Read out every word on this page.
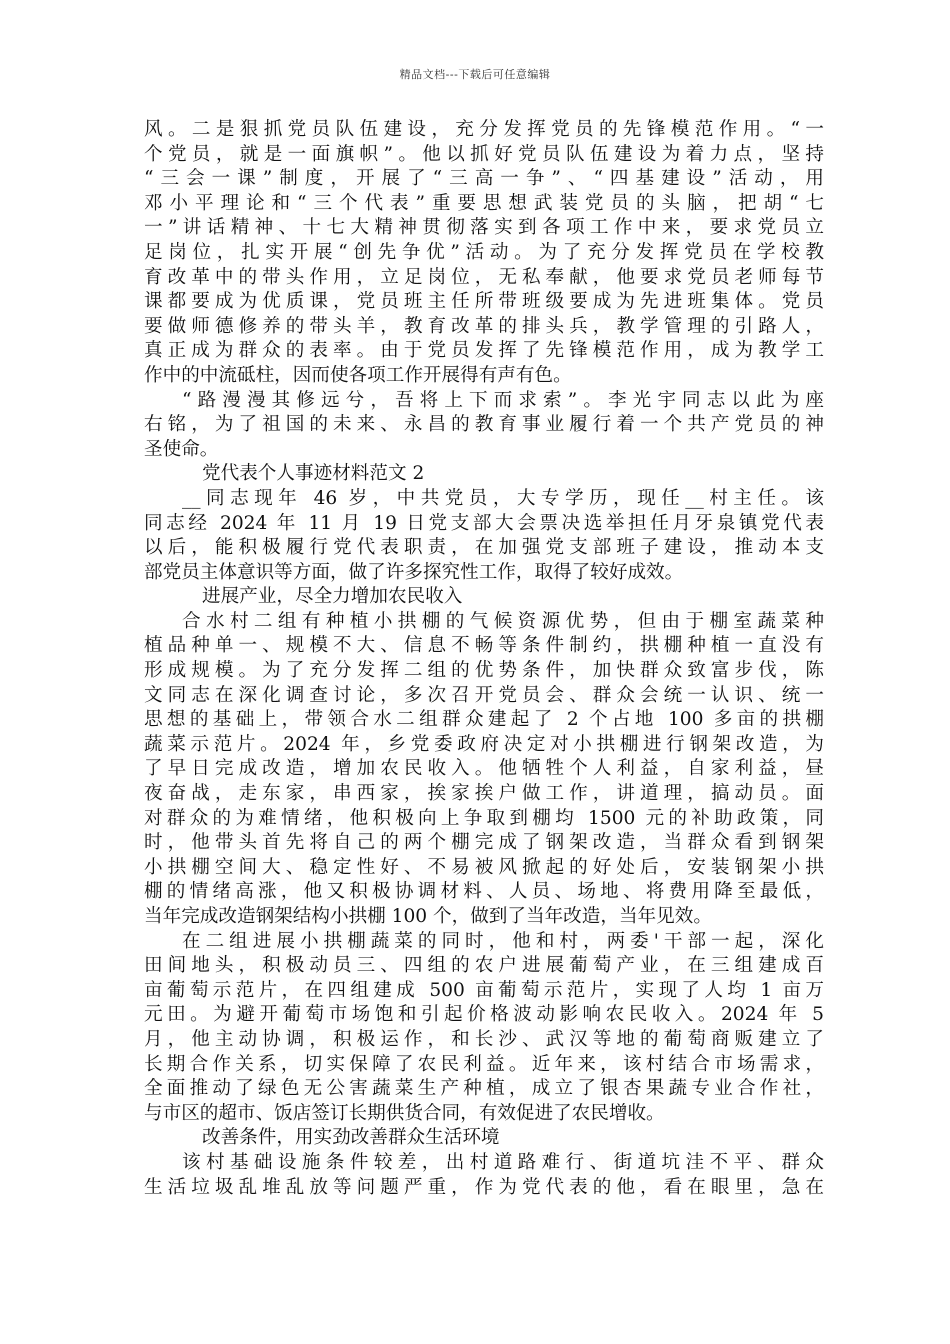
精品文档---下载后可任意编辑
风。二是狠抓党员队伍建设，充分发挥党员的先锋模范作用。“一
个党员，就是一面旗帜”。他以抓好党员队伍建设为着力点，坚持
“三会一课”制度，开展了“三高一争”、“四基建设”活动，用
邓小平理论和“三个代表”重要思想武装党员的头脑，把胡“七
一”讲话精神、十七大精神贯彻落实到各项工作中来，要求党员立
足岗位，扎实开展“创先争优”活动。为了充分发挥党员在学校教
育改革中的带头作用，立足岗位，无私奉献，他要求党员老师每节
课都要成为优质课，党员班主任所带班级要成为先进班集体。党员
要做师德修养的带头羊，教育改革的排头兵，教学管理的引路人，
真正成为群众的表率。由于党员发挥了先锋模范作用，成为教学工
作中的中流砥柱，因而使各项工作开展得有声有色。
“路漫漫其修远兮，吾将上下而求索”。李光宇同志以此为座
右铭，为了祖国的未来、永昌的教育事业履行着一个共产党员的神
圣使命。
党代表个人事迹材料范文 2
__同志现年 46 岁，中共党员，大专学历，现任__村主任。该
同志经 2024 年 11 月 19 日党支部大会票决选举担任月牙泉镇党代表
以后，能积极履行党代表职责，在加强党支部班子建设，推动本支
部党员主体意识等方面，做了许多探究性工作，取得了较好成效。
进展产业，尽全力增加农民收入
合水村二组有种植小拱棚的气候资源优势，但由于棚室蔬菜种
植品种单一、规模不大、信息不畅等条件制约，拱棚种植一直没有
形成规模。为了充分发挥二组的优势条件，加快群众致富步伐，陈
文同志在深化调查讨论，多次召开党员会、群众会统一认识、统一
思想的基础上，带领合水二组群众建起了 2 个占地 100 多亩的拱棚
蔬菜示范片。2024 年，乡党委政府决定对小拱棚进行钢架改造，为
了早日完成改造，增加农民收入。他牺牲个人利益，自家利益，昼
夜奋战，走东家，串西家，挨家挨户做工作，讲道理，搞动员。面
对群众的为难情绪，他积极向上争取到棚均 1500 元的补助政策，同
时，他带头首先将自己的两个棚完成了钢架改造，当群众看到钢架
小拱棚空间大、稳定性好、不易被风掀起的好处后，安装钢架小拱
棚的情绪高涨，他又积极协调材料、人员、场地、将费用降至最低，
当年完成改造钢架结构小拱棚 100 个，做到了当年改造，当年见效。
在二组进展小拱棚蔬菜的同时，他和村，两委'干部一起，深化
田间地头，积极动员三、四组的农户进展葡萄产业，在三组建成百
亩葡萄示范片，在四组建成 500 亩葡萄示范片，实现了人均 1 亩万
元田。为避开葡萄市场饱和引起价格波动影响农民收入。2024 年 5
月，他主动协调，积极运作，和长沙、武汉等地的葡萄商贩建立了
长期合作关系，切实保障了农民利益。近年来，该村结合市场需求，
全面推动了绿色无公害蔬菜生产种植，成立了银杏果蔬专业合作社，
与市区的超市、饭店签订长期供货合同，有效促进了农民增收。
改善条件，用实劲改善群众生活环境
该村基础设施条件较差，出村道路难行、街道坑洼不平、群众
生活垃圾乱堆乱放等问题严重，作为党代表的他，看在眼里，急在
